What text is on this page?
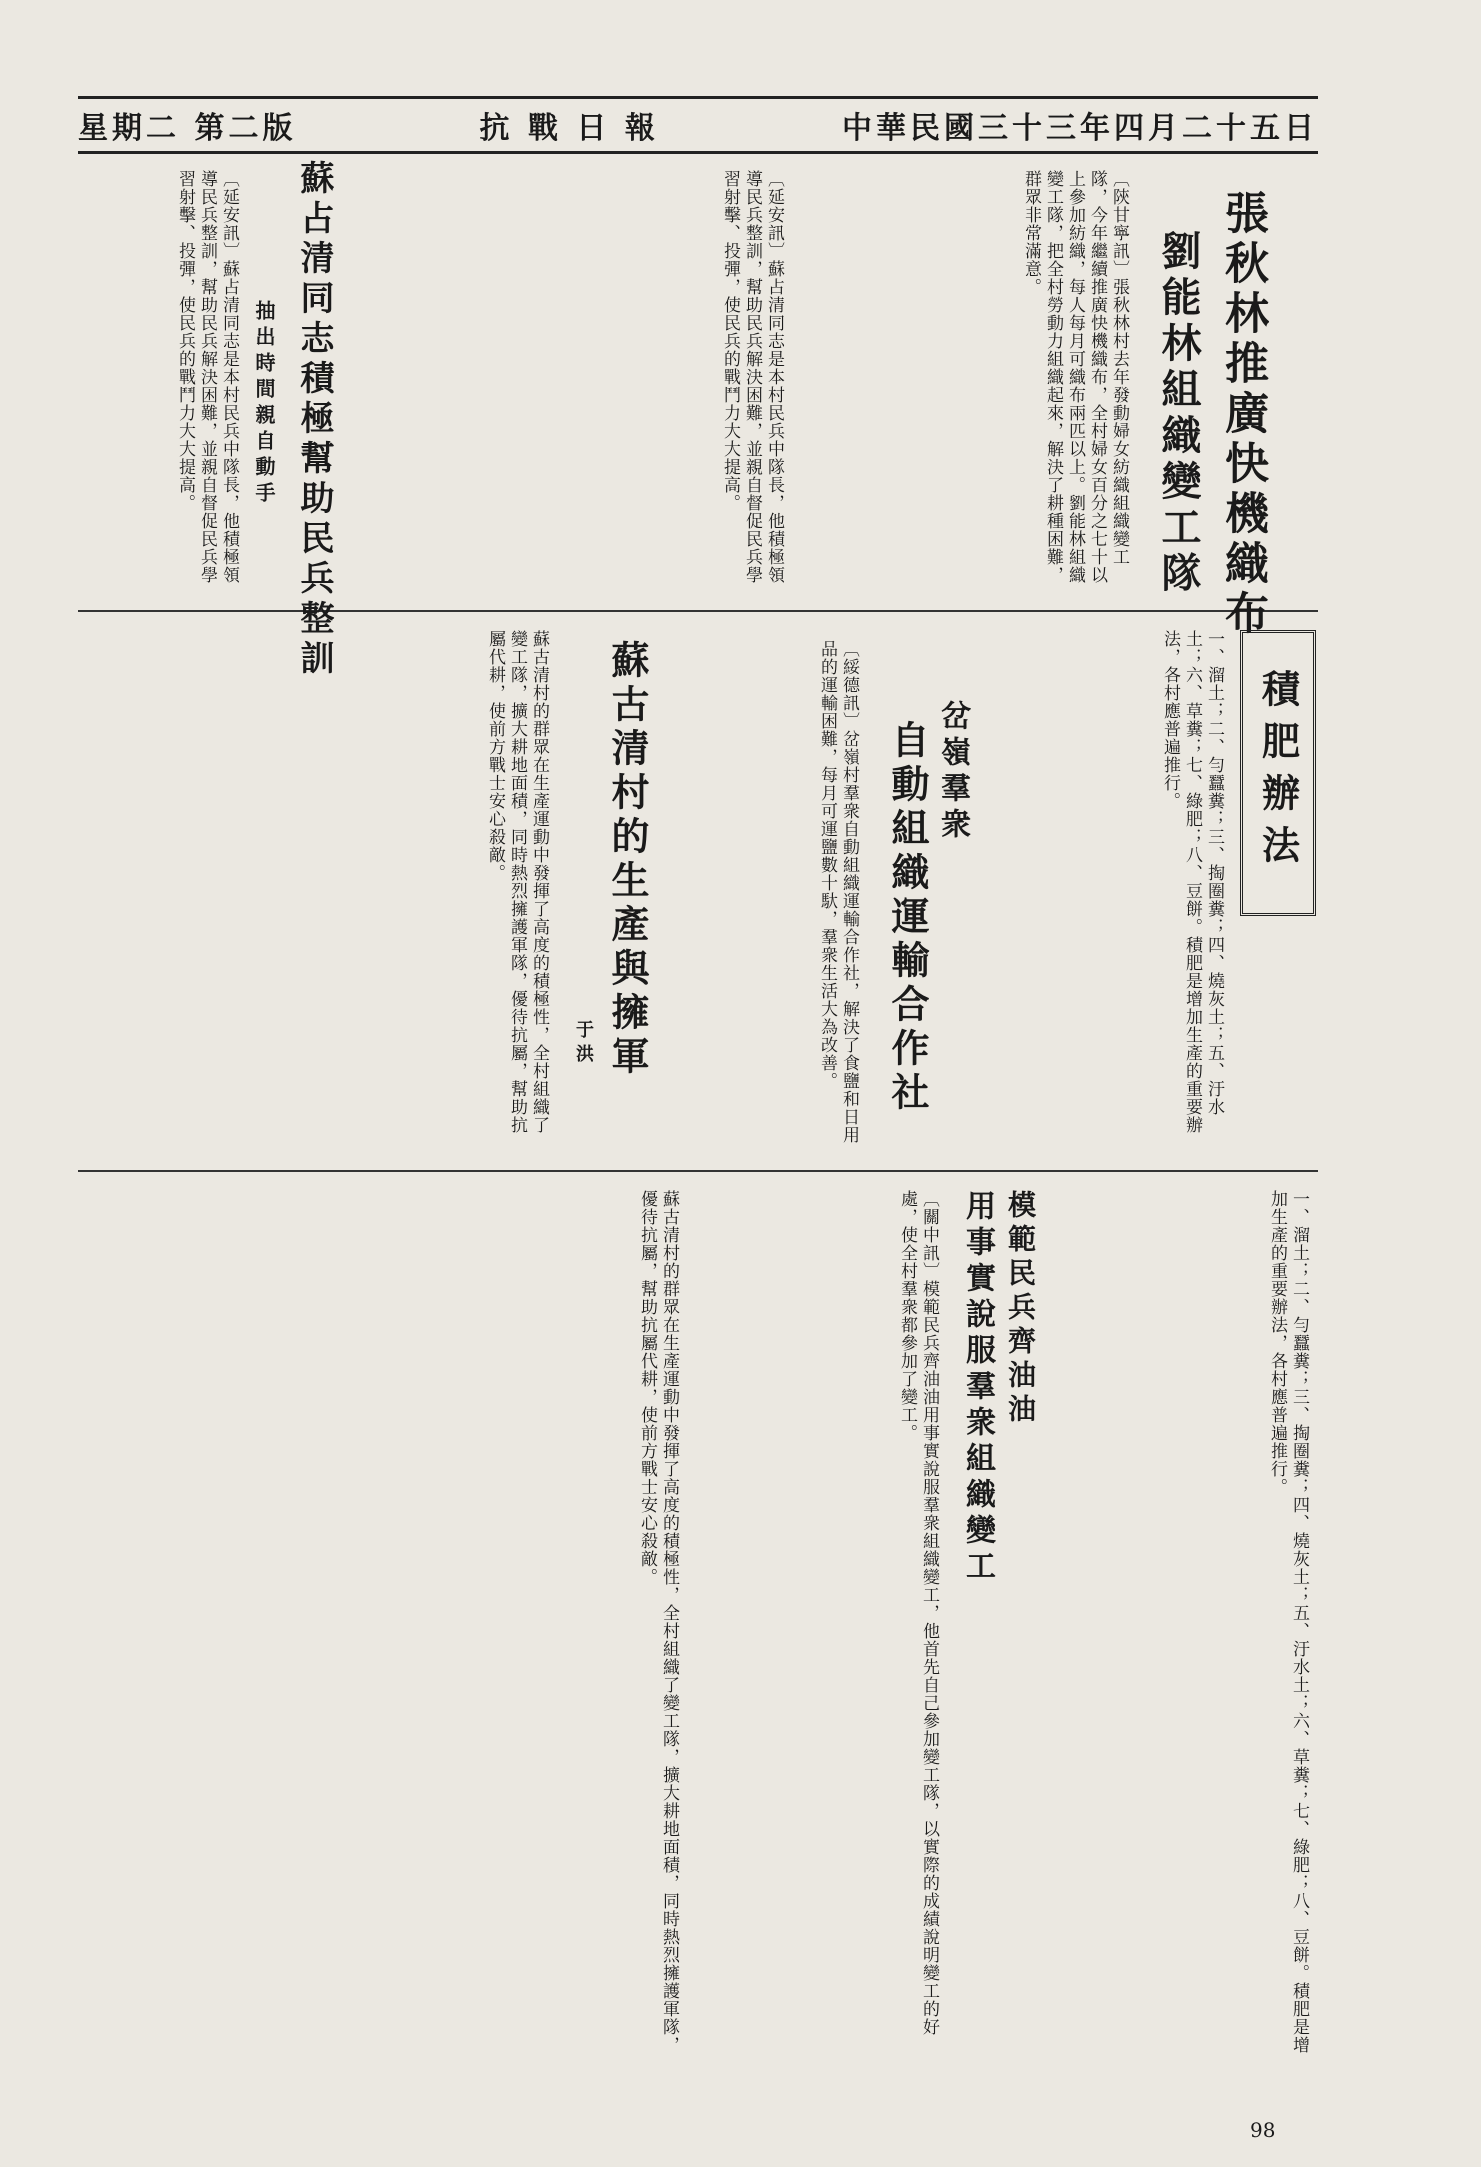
星期二 第二版	抗 戰 日 報	中華民國三十三年四月二十五日
張秋林推廣快機織布
劉能林組織變工隊
〔陝甘寧訊〕張秋林村去年發動婦女紡織組織變工隊，今年繼續推廣快機織布，全村婦女百分之七十以上參加紡織，每人每月可織布兩匹以上。劉能林組織變工隊，把全村勞動力組織起來，解決了耕種困難，群眾非常滿意。
蘇占清同志積極幫助民兵整訓
抽出時間親自動手
〔延安訊〕蘇占清同志是本村民兵中隊長，他積極領導民兵整訓，幫助民兵解決困難，並親自督促民兵學習射擊、投彈，使民兵的戰鬥力大大提高。	〔延安訊〕蘇占清同志是本村民兵中隊長，他積極領導民兵整訓，幫助民兵解決困難，並親自督促民兵學習射擊、投彈，使民兵的戰鬥力大大提高。
積肥辦法
一、溜土；二、勻蠶糞；三、掏圈糞；四、燒灰土；五、汙水土；六、草糞；七、綠肥；八、豆餅。積肥是增加生產的重要辦法，各村應普遍推行。
岔嶺羣衆
自動組織運輸合作社
〔綏德訊〕岔嶺村羣衆自動組織運輸合作社，解決了食鹽和日用品的運輸困難，每月可運鹽數十馱，羣衆生活大為改善。
蘇古清村的生產與擁軍
于洪
蘇古清村的群眾在生產運動中發揮了高度的積極性，全村組織了變工隊，擴大耕地面積，同時熱烈擁護軍隊，優待抗屬，幫助抗屬代耕，使前方戰士安心殺敵。
模範民兵齊油油
用事實說服羣衆組織變工
〔關中訊〕模範民兵齊油油用事實說服羣衆組織變工，他首先自己參加變工隊，以實際的成績說明變工的好處，使全村羣衆都參加了變工。
蘇古清村的群眾在生產運動中發揮了高度的積極性，全村組織了變工隊，擴大耕地面積，同時熱烈擁護軍隊，優待抗屬，幫助抗屬代耕，使前方戰士安心殺敵。	一、溜土；二、勻蠶糞；三、掏圈糞；四、燒灰土；五、汙水土；六、草糞；七、綠肥；八、豆餅。積肥是增加生產的重要辦法，各村應普遍推行。
98
